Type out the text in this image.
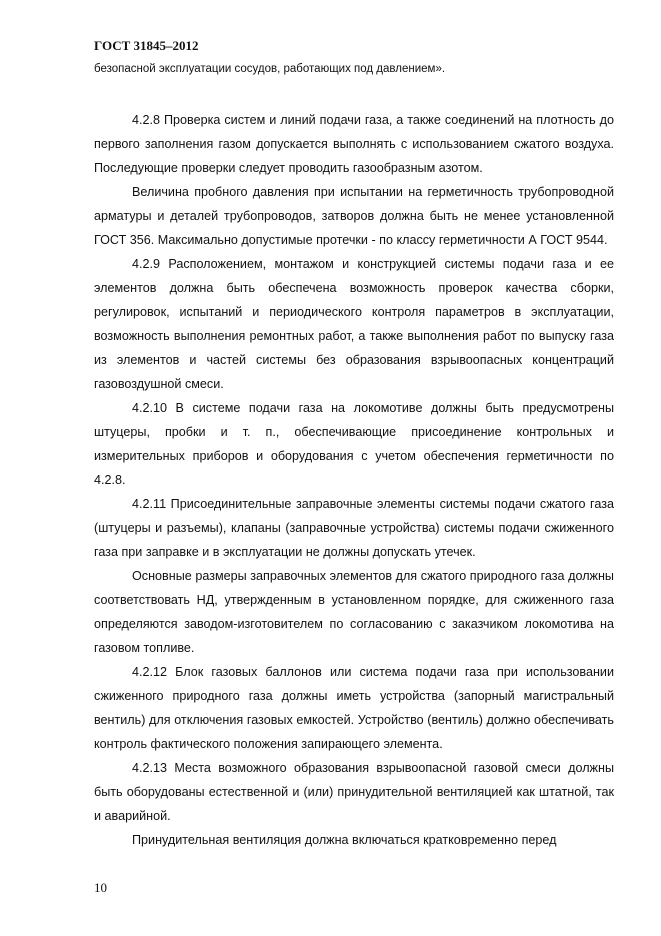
ГОСТ 31845–2012

безопасной эксплуатации сосудов, работающих под давлением».

4.2.8 Проверка систем и линий подачи газа, а также соединений на плотность до первого заполнения газом допускается выполнять с использованием сжатого воздуха. Последующие проверки следует проводить газообразным азотом.

Величина пробного давления при испытании на герметичность трубопроводной арматуры и деталей трубопроводов, затворов должна быть не менее установленной ГОСТ 356. Максимально допустимые протечки - по классу герметичности А ГОСТ 9544.

4.2.9 Расположением, монтажом и конструкцией системы подачи газа и ее элементов должна быть обеспечена возможность проверок качества сборки, регулировок, испытаний и периодического контроля параметров в эксплуатации, возможность выполнения ремонтных работ, а также выполнения работ по выпуску газа из элементов и частей системы без образования взрывоопасных концентраций газовоздушной смеси.

4.2.10 В системе подачи газа на локомотиве должны быть предусмотрены штуцеры, пробки и т. п., обеспечивающие присоединение контрольных и измерительных приборов и оборудования с учетом обеспечения герметичности по 4.2.8.

4.2.11 Присоединительные заправочные элементы системы подачи сжатого газа (штуцеры и разъемы), клапаны (заправочные устройства) системы подачи сжиженного газа при заправке и в эксплуатации не должны допускать утечек.

Основные размеры заправочных элементов для сжатого природного газа должны соответствовать НД, утвержденным в установленном порядке, для сжиженного газа определяются заводом-изготовителем по согласованию с заказчиком локомотива на газовом топливе.

4.2.12 Блок газовых баллонов или система подачи газа при использовании сжиженного природного газа должны иметь устройства (запорный магистральный вентиль) для отключения газовых емкостей. Устройство (вентиль) должно обеспечивать контроль фактического положения запирающего элемента.

4.2.13 Места возможного образования взрывоопасной газовой смеси должны быть оборудованы естественной и (или) принудительной вентиляцией как штатной, так и аварийной.

Принудительная вентиляция должна включаться кратковременно перед

10
